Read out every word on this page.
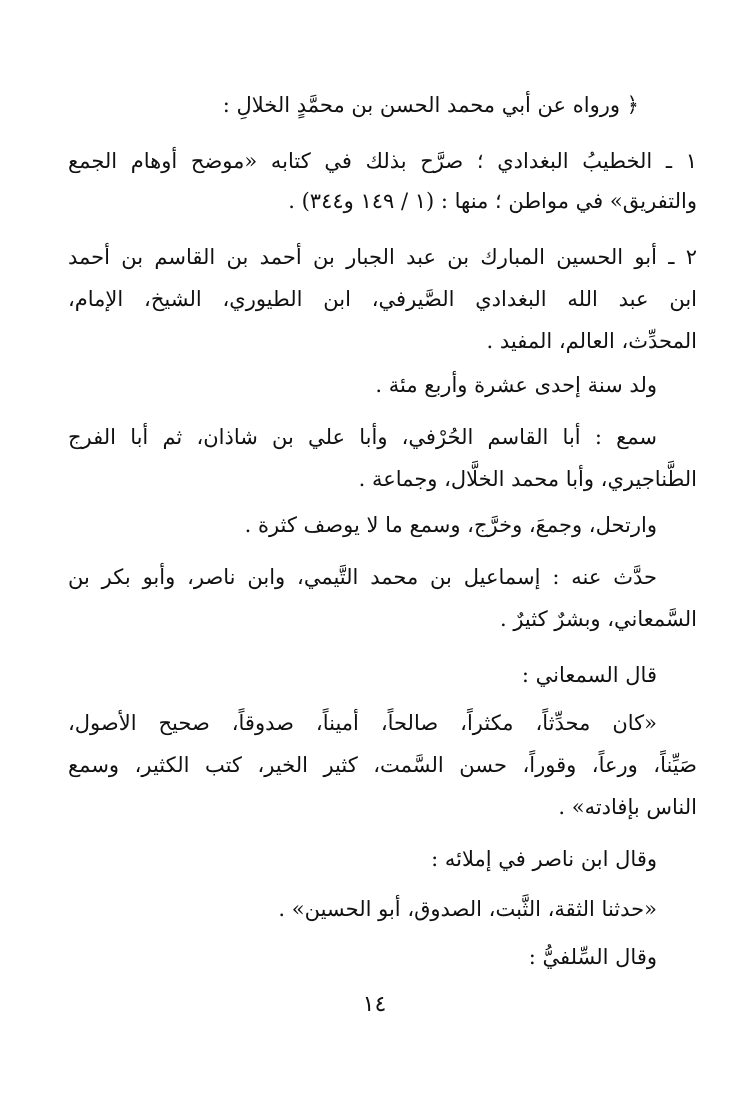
﴿ ورواه عن أبي محمد الحسن بن محمَّدٍ الخلالِ :
١ ـ الخطيبُ البغدادي ؛ صرَّح بذلك في كتابه «موضح أوهام الجمع
والتفريق» في مواطن ؛ منها : (١ / ١٤٩ و٣٤٤) .
٢ ـ أبو الحسين المبارك بن عبد الجبار بن أحمد بن القاسم بن أحمد
ابن عبد الله البغدادي الصَّيرفي، ابن الطيوري، الشيخ، الإمام،
المحدِّث، العالم، المفيد .
ولد سنة إحدى عشرة وأربع مئة .
سمع : أبا القاسم الحُرْفي، وأبا علي بن شاذان، ثم أبا الفرج
الطَّناجيري، وأبا محمد الخلَّال، وجماعة .
وارتحل، وجمعَ، وخرَّج، وسمع ما لا يوصف كثرة .
حدَّث عنه : إسماعيل بن محمد التَّيمي، وابن ناصر، وأبو بكر بن
السَّمعاني، وبشرٌ كثيرٌ .
قال السمعاني :
«كان محدِّثاً، مكثراً، صالحاً، أميناً، صدوقاً، صحيح الأصول،
صَيِّناً، ورعاً، وقوراً، حسن السَّمت، كثير الخير، كتب الكثير، وسمع
الناس بإفادته» .
وقال ابن ناصر في إملائه :
«حدثنا الثقة، الثَّبت، الصدوق، أبو الحسين» .
وقال السِّلفيُّ :
١٤
